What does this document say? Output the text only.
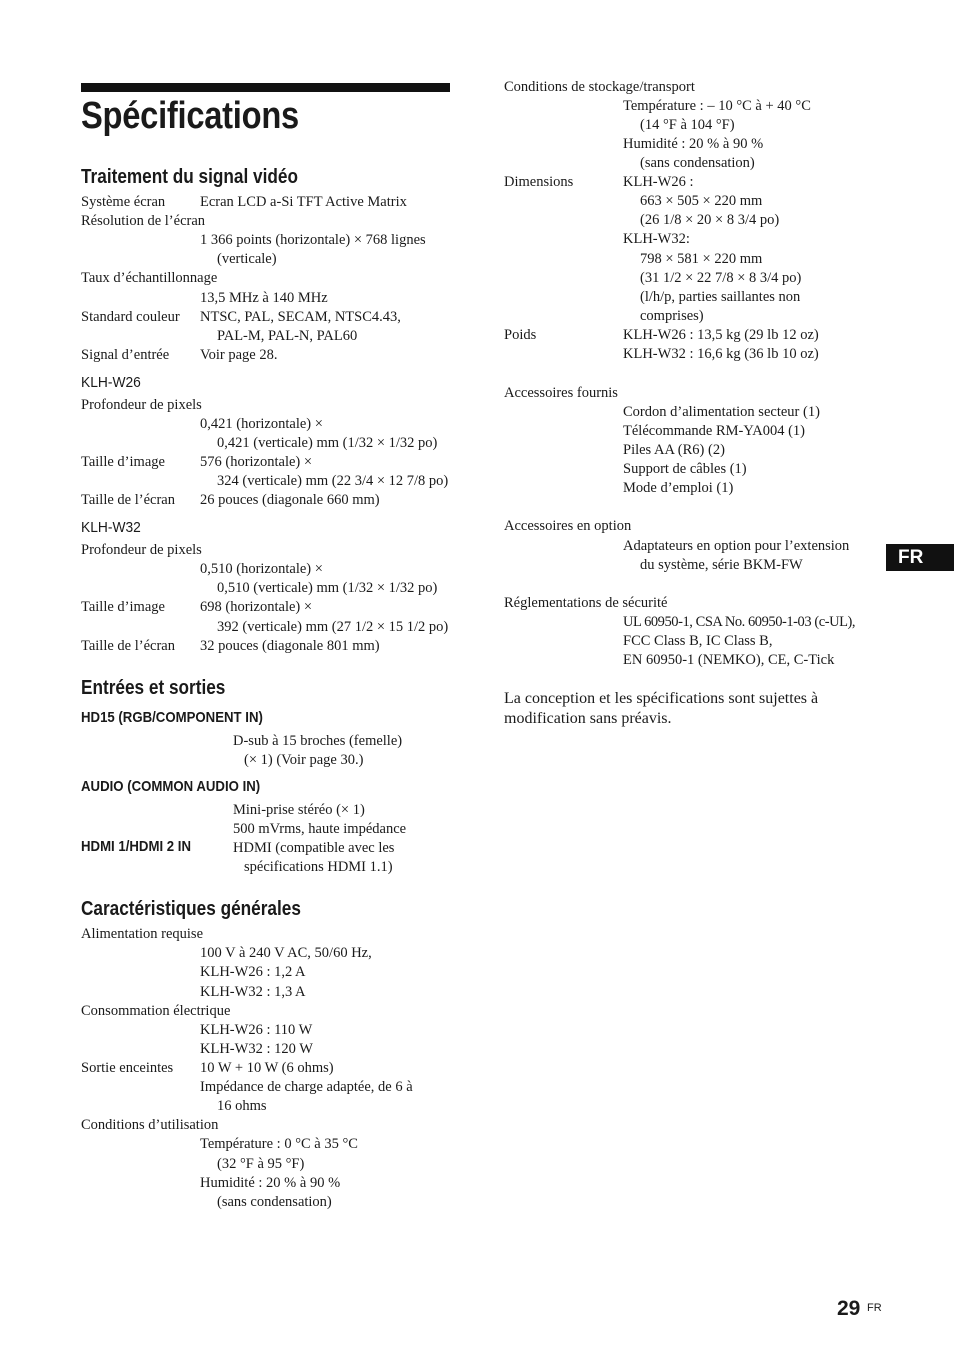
Spécifications
Traitement du signal vidéo
Système écran Ecran LCD a-Si TFT Active Matrix
Résolution de l’écran
1 366 points (horizontale) × 768 lignes
(verticale)
Taux d’échantillonnage
13,5 MHz à 140 MHz
Standard couleur NTSC, PAL, SECAM, NTSC4.43,
PAL-M, PAL-N, PAL60
Signal d’entrée Voir page 28.
KLH-W26
Profondeur de pixels
0,421 (horizontale) ×
0,421 (verticale) mm (1/32 × 1/32 po)
Taille d’image 576 (horizontale) ×
324 (verticale) mm (22 3/4 × 12 7/8 po)
Taille de l’écran 26 pouces (diagonale 660 mm)
KLH-W32
Profondeur de pixels
0,510 (horizontale) ×
0,510 (verticale) mm (1/32 × 1/32 po)
Taille d’image 698 (horizontale) ×
392 (verticale) mm (27 1/2 × 15 1/2 po)
Taille de l’écran 32 pouces (diagonale 801 mm)
Entrées et sorties
HD15 (RGB/COMPONENT IN)
D-sub à 15 broches (femelle)
(× 1) (Voir page 30.)
AUDIO (COMMON AUDIO IN)
Mini-prise stéréo (× 1)
500 mVrms, haute impédance
HDMI 1/HDMI 2 IN	HDMI (compatible avec les
spécifications HDMI 1.1)
Caractéristiques générales
Alimentation requise
100 V à 240 V AC, 50/60 Hz,
KLH-W26 : 1,2 A
KLH-W32 : 1,3 A
Consommation électrique
KLH-W26 : 110 W
KLH-W32 : 120 W
Sortie enceintes 10 W + 10 W (6 ohms)
Impédance de charge adaptée, de 6 à
16 ohms
Conditions d’utilisation
Température : 0 °C à 35 °C
(32 °F à 95 °F)
Humidité : 20 % à 90 %
(sans condensation)
Conditions de stockage/transport
Température : – 10 °C à + 40 °C
(14 °F à 104 °F)
Humidité : 20 % à 90 %
(sans condensation)
Dimensions	KLH-W26 :
663 × 505 × 220 mm
(26 1/8 × 20 × 8 3/4 po)
KLH-W32:
798 × 581 × 220 mm
(31 1/2 × 22 7/8 × 8 3/4 po)
(l/h/p, parties saillantes non
comprises)
Poids	KLH-W26 : 13,5 kg (29 lb 12 oz)
KLH-W32 : 16,6 kg (36 lb 10 oz)
Accessoires fournis
Cordon d’alimentation secteur (1)
Télécommande RM-YA004 (1)
Piles AA (R6) (2)
Support de câbles (1)
Mode d’emploi (1)
Accessoires en option
Adaptateurs en option pour l’extension
du système, série BKM-FW
Réglementations de sécurité
UL 60950-1, CSA No. 60950-1-03 (c-UL),
FCC Class B, IC Class B,
EN 60950-1 (NEMKO), CE, C-Tick
La conception et les spécifications sont sujettes à
modification sans préavis.
FR
29 FR
